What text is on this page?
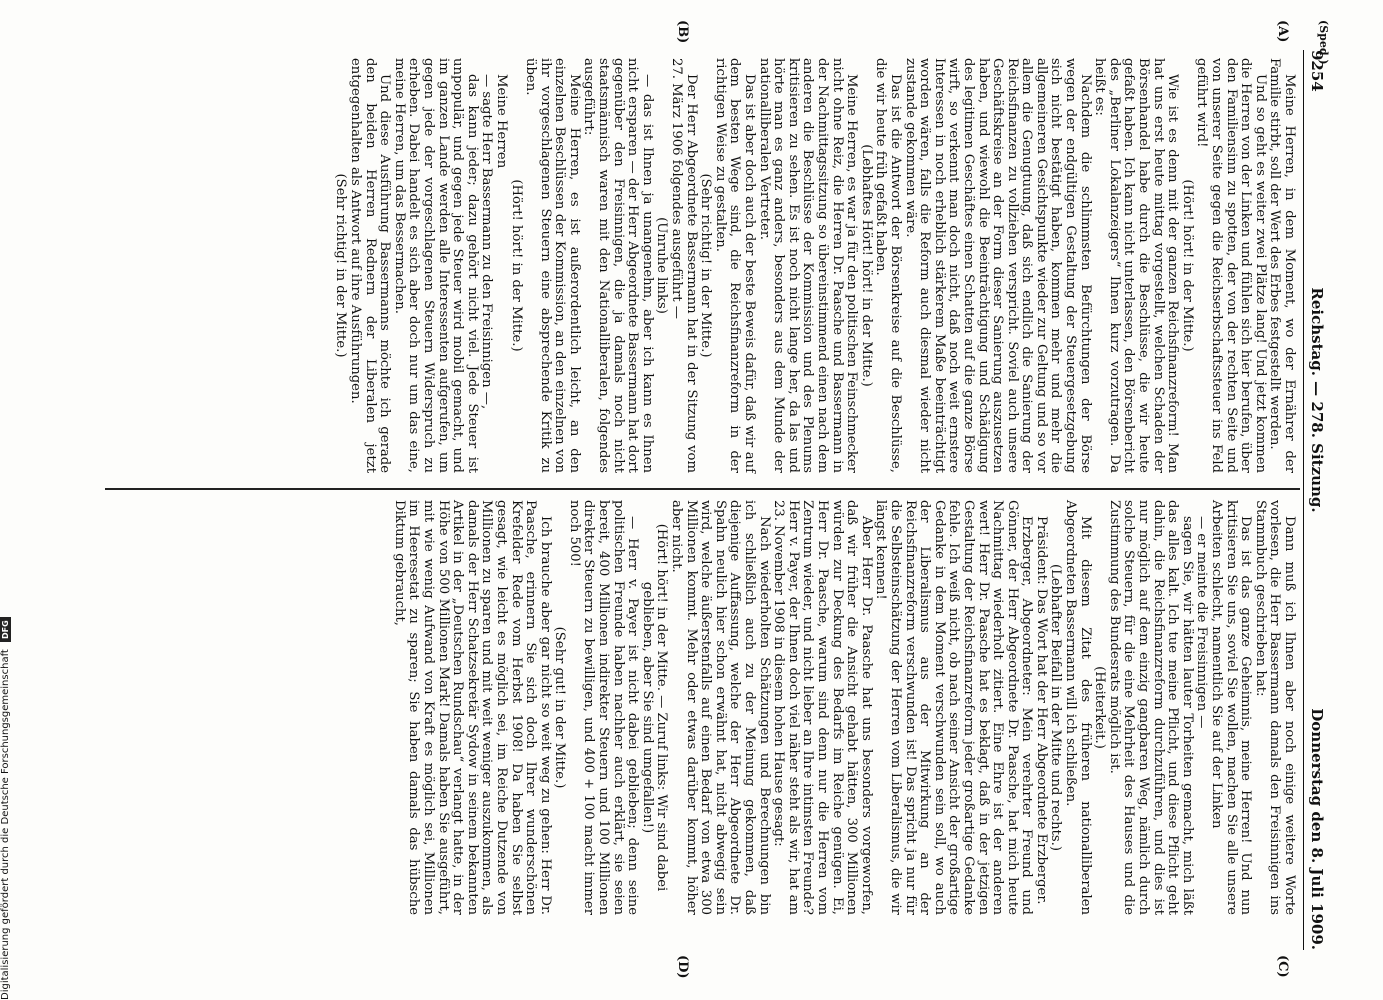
9254
Reichstag. — 278. Sitzung.
Donnerstag den 8. Juli 1909.

Meine Herren, in dem Moment, wo der Ernährer der Familie stirbt, soll der Wert des Erbes festgestellt werden.

Und so geht es weiter zwei Plätze lang! Und jetzt kommen die Herren von der Linken und fühlen sich hier berufen, über den Familiensinn zu spotten, der von der rechten Seite und von unserer Seite gegen die Reichserbschaftssteuer ins Feld geführt wird!

(Hört! hört! in der Mitte.)

Wie ist es denn mit der ganzen Reichsfinanzreform! Man hat uns erst heute mittag vorgestellt, welchen Schaden der Börsenhandel habe durch die Beschlüsse, die wir heute gefaßt haben. Ich kann nicht unterlassen, den Börsenbericht des „Berliner Lokalanzeigers“ Ihnen kurz vorzutragen. Da heißt es:

Nachdem die schlimmsten Befürchtungen der Börse wegen der endgültigen Gestaltung der Steuergesetzgebung sich nicht bestätigt haben, kommen mehr und mehr die allgemeineren Gesichtspunkte wieder zur Geltung und so vor allem die Genugtuung, daß sich endlich die Sanierung der Reichsfinanzen zu vollziehen verspricht. Soviel auch unsere Geschäftskreise an der Form dieser Sanierung auszusetzen haben, und wiewohl die Beeinträchtigung und Schädigung des legitimen Geschäftes einen Schatten auf die ganze Börse wirft, so verkennt man doch nicht, daß noch weit ernstere Interessen in noch erheblich stärkerem Maße beeinträchtigt worden wären, falls die Reform auch diesmal wieder nicht zustande gekommen wäre.

Das ist die Antwort der Börsenkreise auf die Beschlüsse, die wir heute früh gefaßt haben.

(Lebhaftes Hört! hört! in der Mitte.)

Meine Herren, es war ja für den politischen Feinschmecker nicht ohne Reiz, die Herren Dr. Paasche und Bassermann in der Nachmittagssitzung so übereinstimmend einen nach dem anderen die Beschlüsse der Kommission und des Plenums kritisieren zu sehen. Es ist noch nicht lange her, da las und hörte man es ganz anders, besonders aus dem Munde der nationalliberalen Vertreter.

Das ist aber doch auch der beste Beweis dafür, daß wir auf dem besten Wege sind, die Reichsfinanzreform in der richtigen Weise zu gestalten.

(Sehr richtig! in der Mitte.)

Der Herr Abgeordnete Bassermann hat in der Sitzung vom 27. März 1906 folgendes ausgeführt —

(Unruhe links)

— das ist Ihnen ja unangenehm, aber ich kann es Ihnen nicht ersparen — der Herr Abgeordnete Bassermann hat dort gegenüber den Freisinnigen, die ja damals noch nicht staatsmännisch waren mit den Nationalliberalen, folgendes ausgeführt:

Meine Herren, es ist außerordentlich leicht, an den einzelnen Beschlüssen der Kommission, an den einzelnen von ihr vorgeschlagenen Steuern eine absprechende Kritik zu üben.

(Hört! hört! in der Mitte.)

Meine Herren

— sagte Herr Bassermann zu den Freisinnigen —,

das kann jeder; dazu gehört nicht viel. Jede Steuer ist unpopulär, und gegen jede Steuer wird mobil gemacht, und im ganzen Lande werden alle Interessenten aufgerufen, um gegen jede der vorgeschlagenen Steuern Widerspruch zu erheben. Dabei handelt es sich aber doch nur um das eine, meine Herren, um das Bessermachen.

Und diese Ausführung Bassermanns möchte ich gerade den beiden Herren Rednern der Liberalen jetzt entgegenhalten als Antwort auf ihre Ausführungen.

(Sehr richtig! in der Mitte.)

Dann muß ich Ihnen aber noch einige weitere Worte vorlesen, die Herr Bassermann damals den Freisinnigen ins Stammbuch geschrieben hat:

Das ist das ganze Geheimnis, meine Herren! Und nun kritisieren Sie uns, soviel Sie wollen, machen Sie alle unsere Arbeiten schlecht, namentlich Sie auf der Linken

— er meinte die Freisinnigen —

sagen Sie, wir hätten lauter Torheiten gemacht, mich läßt das alles kalt. Ich tue meine Pflicht, und diese Pflicht geht dahin, die Reichsfinanzreform durchzuführen, und dies ist nur möglich auf dem einzig gangbaren Weg, nämlich durch solche Steuern, für die eine Mehrheit des Hauses und die Zustimmung des Bundesrats möglich ist.

(Heiterkeit.)

Mit diesem Zitat des früheren nationalliberalen Abgeordneten Bassermann will ich schließen.

(Lebhafter Beifall in der Mitte und rechts.)

Präsident: Das Wort hat der Herr Abgeordnete Erzberger.

Erzberger, Abgeordneter: Mein verehrter Freund und Gönner, der Herr Abgeordnete Dr. Paasche, hat mich heute Nachmittag wiederholt zitiert. Eine Ehre ist der anderen wert! Herr Dr. Paasche hat es beklagt, daß in der jetzigen Gestaltung der Reichsfinanzreform jeder großartige Gedanke fehle. Ich weiß nicht, ob nach seiner Ansicht der großartige Gedanke in dem Moment verschwunden sein soll, wo auch der Liberalismus aus der Mitwirkung an der Reichsfinanzreform verschwunden ist! Das spricht ja nur für die Selbsteinschätzung der Herren vom Liberalismus, die wir längst kennen!

Aber Herr Dr. Paasche hat uns besonders vorgeworfen, daß wir früher die Ansicht gehabt hätten, 300 Millionen würden zur Deckung des Bedarfs im Reiche genügen. Ei, Herr Dr. Paasche, warum sind denn nur die Herren vom Zentrum wieder, und nicht lieber an Ihre intimsten Freunde? Herr v. Payer, der Ihnen doch viel näher steht als wir, hat am 23. November 1908 in diesem hohen Hause gesagt:

Nach wiederholten Schätzungen und Berechnungen bin ich schließlich auch zu der Meinung gekommen, daß diejenige Auffassung, welche der Herr Abgeordnete Dr. Spahn neulich hier schon erwähnt hat, nicht abwegig sein wird, welche äußerstenfalls auf einen Bedarf von etwa 300 Millionen kommt. Mehr oder etwas darüber kommt, höher aber nicht.

(Hört! hört! in der Mitte. — Zuruf links: Wir sind dabei geblieben, aber Sie sind umgefallen!)

— Herr v. Payer ist nicht dabei geblieben; denn seine politischen Freunde haben nachher auch erklärt, sie seien bereit, 400 Millionen indirekter Steuern und 100 Millionen direkter Steuern zu bewilligen, und 400 + 100 macht immer noch 500!

(Sehr gut! in der Mitte.)

Ich brauche aber gar nicht so weit weg zu gehen: Herr Dr. Paasche, erinnern Sie sich doch Ihrer wunderschönen Krefelder Rede vom Herbst 1908! Da haben Sie selbst gesagt, wie leicht es möglich sei, im Reiche Dutzende von Millionen zu sparen und mit weit weniger auszukommen, als damals der Herr Schatzsekretär Sydow in seinem bekannten Artikel in der „Deutschen Rundschau“ verlangt hatte, in der Höhe von 500 Millionen Mark! Damals haben Sie ausgeführt, mit wie wenig Aufwand von Kraft es möglich sei, Millionen im Heeresetat zu sparen; Sie haben damals das hübsche Diktum gebraucht,

(A)
(B)
(C)
(D)
(Sped.)
Digitalisierung gefördert durch die Deutsche Forschungsgemeinschaft DFG
